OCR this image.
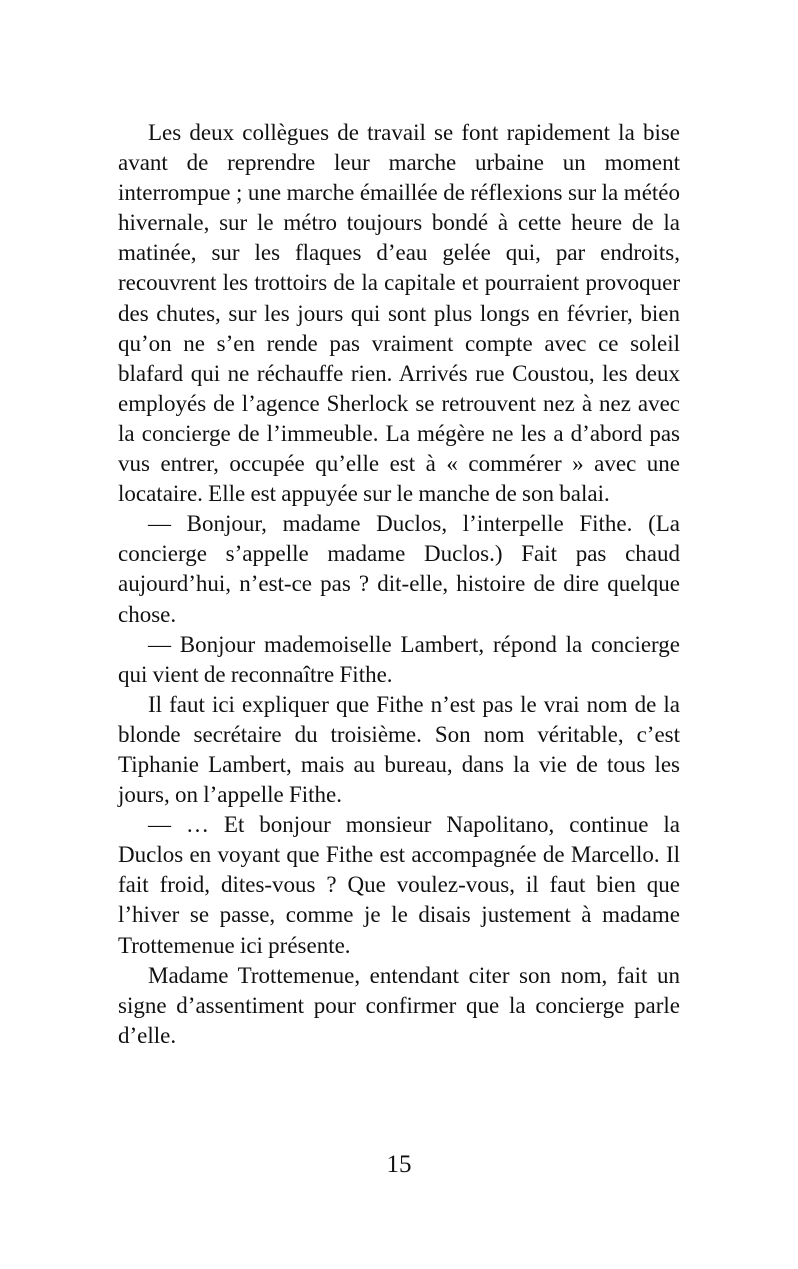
Les deux collègues de travail se font rapidement la bise avant de reprendre leur marche urbaine un moment interrompue ; une marche émaillée de réflexions sur la météo hivernale, sur le métro toujours bondé à cette heure de la matinée, sur les flaques d’eau gelée qui, par endroits, recouvrent les trottoirs de la capitale et pourraient provoquer des chutes, sur les jours qui sont plus longs en février, bien qu’on ne s’en rende pas vraiment compte avec ce soleil blafard qui ne réchauffe rien. Arrivés rue Coustou, les deux employés de l’agence Sherlock se retrouvent nez à nez avec la concierge de l’immeuble. La mégère ne les a d’abord pas vus entrer, occupée qu’elle est à « commérer » avec une locataire. Elle est appuyée sur le manche de son balai.

— Bonjour, madame Duclos, l’interpelle Fithe. (La concierge s’appelle madame Duclos.) Fait pas chaud aujourd’hui, n’est-ce pas ? dit-elle, histoire de dire quelque chose.

— Bonjour mademoiselle Lambert, répond la concierge qui vient de reconnaître Fithe.

Il faut ici expliquer que Fithe n’est pas le vrai nom de la blonde secrétaire du troisième. Son nom véritable, c’est Tiphanie Lambert, mais au bureau, dans la vie de tous les jours, on l’appelle Fithe.

— … Et bonjour monsieur Napolitano, continue la Duclos en voyant que Fithe est accompagnée de Marcello. Il fait froid, dites-vous ? Que voulez-vous, il faut bien que l’hiver se passe, comme je le disais justement à madame Trottemenue ici présente.

Madame Trottemenue, entendant citer son nom, fait un signe d’assentiment pour confirmer que la concierge parle d’elle.

15
